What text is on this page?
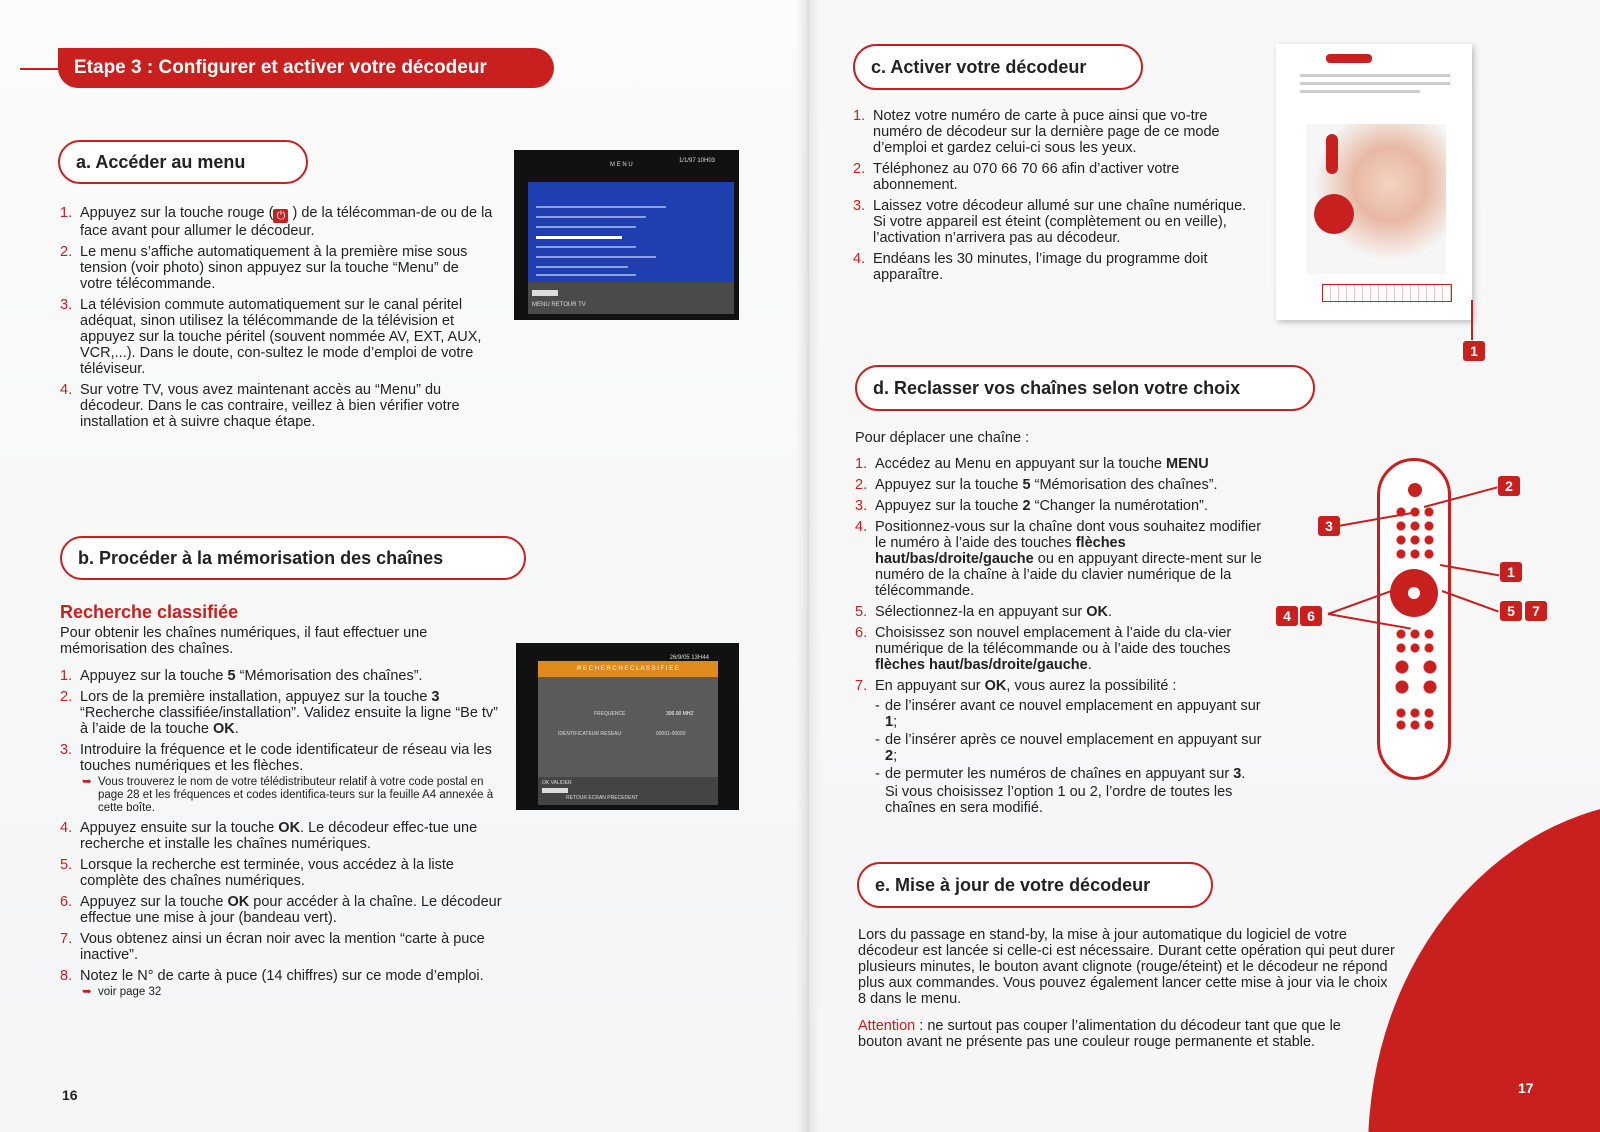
Etape 3 : Configurer et activer votre décodeur
a. Accéder au menu
1. Appuyez sur la touche rouge ( ⏻ ) de la télécomman-de ou de la face avant pour allumer le décodeur.
2. Le menu s’affiche automatiquement à la première mise sous tension (voir photo) sinon appuyez sur la touche “Menu” de votre télécommande.
3. La télévision commute automatiquement sur le canal péritel adéquat, sinon utilisez la télécommande de la télévision et appuyez sur la touche péritel (souvent nommée AV, EXT, AUX, VCR,...). Dans le doute, con-sultez le mode d’emploi de votre téléviseur.
4. Sur votre TV, vous avez maintenant accès au “Menu” du décodeur. Dans le cas contraire, veillez à bien vérifier votre installation et à suivre chaque étape.
M E N U
1/1/97 10H03
MENU RETOUR TV
b. Procéder à la mémorisation des chaînes
Recherche classifiée
Pour obtenir les chaînes numériques, il faut effectuer une mémorisation des chaînes.
1. Appuyez sur la touche 5 “Mémorisation des chaînes”.
2. Lors de la première installation, appuyez sur la touche 3 “Recherche classifiée/installation”. Validez ensuite la ligne “Be tv” à l’aide de la touche OK.
3. Introduire la fréquence et le code identificateur de réseau via les touches numériques et les flèches.
➥ Vous trouverez le nom de votre télédistributeur relatif à votre code postal en page 28 et les fréquences et codes identifica-teurs sur la feuille A4 annexée à cette boîte.
4. Appuyez ensuite sur la touche OK. Le décodeur effec-tue une recherche et installe les chaînes numériques.
5. Lorsque la recherche est terminée, vous accédez à la liste complète des chaînes numériques.
6. Appuyez sur la touche OK pour accéder à la chaîne. Le décodeur effectue une mise à jour (bandeau vert).
7. Vous obtenez ainsi un écran noir avec la mention “carte à puce inactive”.
8. Notez le N° de carte à puce (14 chiffres) sur ce mode d’emploi.
➥ voir page 32
26/9/05 13H44
R E C H E R C H E C L A S S I F I E E
FREQUENCE	306.00 MHZ
IDENTIFICATEUR RESEAU	00001-00000
OK VALIDER
RETOUR ECRAN PRECEDENT
16
c. Activer votre décodeur
1. Notez votre numéro de carte à puce ainsi que vo-tre numéro de décodeur sur la dernière page de ce mode d’emploi et gardez celui-ci sous les yeux.
2. Téléphonez au 070 66 70 66 afin d’activer votre abonnement.
3. Laissez votre décodeur allumé sur une chaîne numérique. Si votre appareil est éteint (complètement ou en veille), l’activation n’arrivera pas au décodeur.
4. Endéans les 30 minutes, l’image du programme doit apparaître.
1
d. Reclasser vos chaînes selon votre choix
Pour déplacer une chaîne :
1. Accédez au Menu en appuyant sur la touche MENU
2. Appuyez sur la touche 5 “Mémorisation des chaînes”.
3. Appuyez sur la touche 2 “Changer la numérotation”.
4. Positionnez-vous sur la chaîne dont vous souhaitez modifier le numéro à l’aide des touches flèches haut/bas/droite/gauche ou en appuyant directe-ment sur le numéro de la chaîne à l’aide du clavier numérique de la télécommande.
5. Sélectionnez-la en appuyant sur OK.
6. Choisissez son nouvel emplacement à l’aide du cla-vier numérique de la télécommande ou à l’aide des touches flèches haut/bas/droite/gauche.
7. En appuyant sur OK, vous aurez la possibilité :
- de l’insérer avant ce nouvel emplacement en appuyant sur 1;
- de l’insérer après ce nouvel emplacement en appuyant sur 2;
- de permuter les numéros de chaînes en appuyant sur 3.
Si vous choisissez l’option 1 ou 2, l’ordre de toutes les chaînes en sera modifié.
2
3
1
4	6	5	7
e. Mise à jour de votre décodeur
Lors du passage en stand-by, la mise à jour automatique du logiciel de votre décodeur est lancée si celle-ci est nécessaire. Durant cette opération qui peut durer plusieurs minutes, le bouton avant clignote (rouge/éteint) et le décodeur ne répond plus aux commandes. Vous pouvez également lancer cette mise à jour via le choix 8 dans le menu.
Attention : ne surtout pas couper l’alimentation du décodeur tant que que le bouton avant ne présente pas une couleur rouge permanente et stable.
17
